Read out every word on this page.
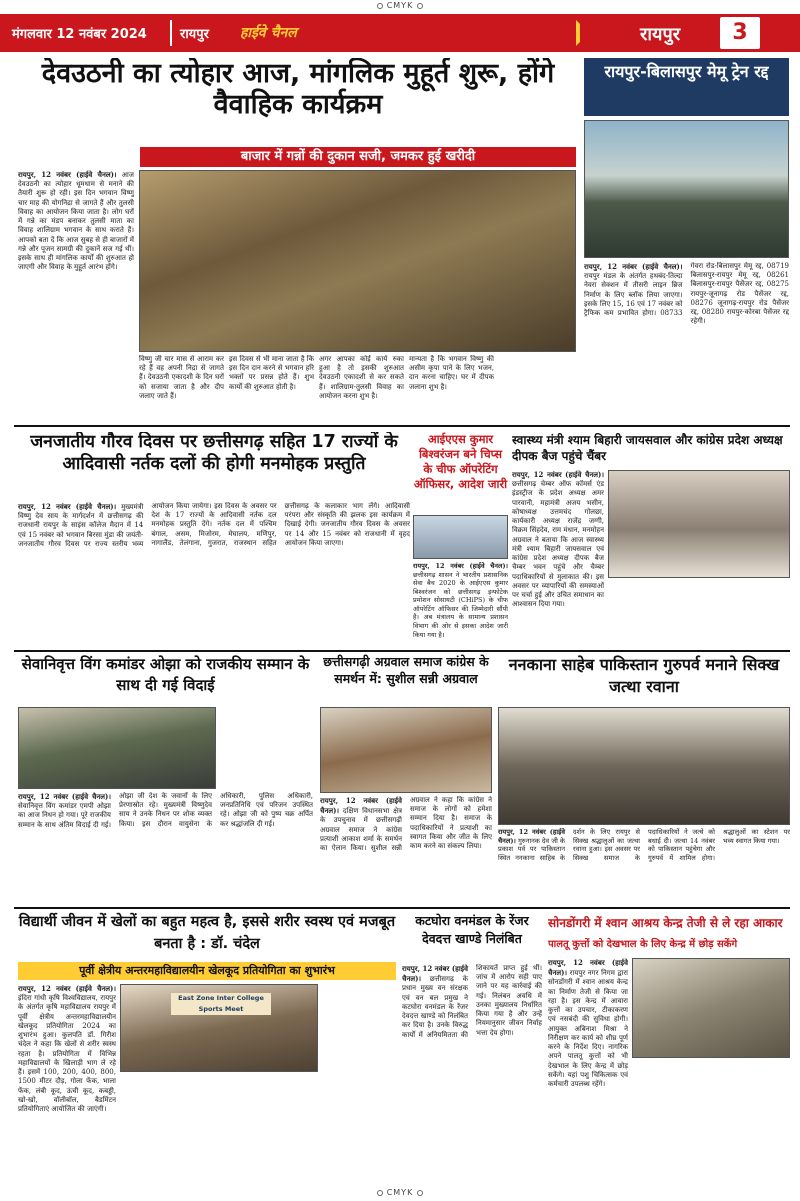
CMYK
मंगलवार 12 नवंबर 2024	रायपुर हाईवे चैनल	रायपुर	3
देवउठनी का त्योहार आज, मांगलिक मुहूर्त शुरू, होंगे वैवाहिक कार्यक्रम
बाजार में गन्नों की दुकान सजी, जमकर हुई खरीदी
रायपुर, 12 नवंबर (हाईवे चैनल)। आज देवउठनी का त्योहार धूमधाम से मनाने की तैयारी शुरू हो रही। इस दिन भगवान विष्णु चार माह की योगनिद्रा से जागते हैं और तुलसी विवाह का आयोजन किया जाता है। लोग घरों में गन्ने का मंडप बनाकर तुलसी माता का विवाह शालिग्राम भगवान के साथ कराते हैं। आपको बता दें कि आज सुबह से ही बाजारों में गन्ने और पूजन सामग्री की दुकानें सज गई थीं। इसके साथ ही मांगलिक कार्यों की शुरुआत हो जाएगी और विवाह के मुहूर्त आरंभ होंगे।
विष्णु जी चार मास से आराम कर रहे हैं वह अपनी निद्रा से जागते हैं। देवउठनी एकादशी के दिन घरों को सजाया जाता है और दीप जलाए जाते हैं।
इस दिवस से भी माना जाता है कि इस दिन दान करने से भगवान हरि भक्तों पर प्रसन्न होते हैं। शुभ कार्यों की शुरुआत होती है।
अगर आपका कोई कार्य रुका हुआ है तो इसकी शुरुआत देवउठनी एकादशी से कर सकते हैं। शालिग्राम-तुलसी विवाह का आयोजन करना शुभ है।
मान्यता है कि भगवान विष्णु की असीम कृपा पाने के लिए भजन, दान करना चाहिए। घर में दीपक जलाना शुभ है।
रायपुर-बिलासपुर मेमू ट्रेन रद्द
रायपुर, 12 नवंबर (हाईवे चैनल)। रायपुर मंडल के अंतर्गत हथबंद-तिल्दा नेवरा सेक्शन में तीसरी लाइन ब्रिज निर्माण के लिए ब्लॉक लिया जाएगा। इसके लिए 15, 16 एवं 17 नवंबर को ट्रैफिक कम प्रभावित होगा। 08733 गेवरा रोड-बिलासपुर मेमू रद्द, 08719 बिलासपुर-रायपुर मेमू रद्द, 08261 बिलासपुर-रायपुर पैसेंजर रद्द, 08275 रायपुर-जूनागढ़ रोड पैसेंजर रद्द, 08276 जूनागढ़-रायपुर रोड पैसेंजर रद्द, 08280 रायपुर-कोरबा पैसेंजर रद्द रहेगी।
जनजातीय गौरव दिवस पर छत्तीसगढ़ सहित 17 राज्यों के आदिवासी नर्तक दलों की होगी मनमोहक प्रस्तुति
रायपुर, 12 नवंबर (हाईवे चैनल)। मुख्यमंत्री विष्णु देव साय के मार्गदर्शन में छत्तीसगढ़ की राजधानी रायपुर के साइंस कॉलेज मैदान में 14 एवं 15 नवंबर को भगवान बिरसा मुंडा की जयंती-जनजातीय गौरव दिवस पर राज्य स्तरीय भव्य आयोजन किया जायेगा। इस दिवस के अवसर पर देश के 17 राज्यों के आदिवासी नर्तक दल मनमोहक प्रस्तुति देंगे। नर्तक दल में पश्चिम बंगाल, असम, मिजोरम, मेघालय, मणिपुर, नागालैंड, तेलंगाना, गुजरात, राजस्थान सहित छत्तीसगढ़ के कलाकार भाग लेंगे। आदिवासी परंपरा और संस्कृति की झलक इस कार्यक्रम में दिखाई देगी। जनजातीय गौरव दिवस के अवसर पर 14 और 15 नवंबर को राजधानी में वृहद आयोजन किया जाएगा।
आईएएस कुमार बिश्वरंजन बने चिप्स के चीफ ऑपरेटिंग ऑफिसर, आदेश जारी
रायपुर, 12 नवंबर (हाईवे चैनल)। छत्तीसगढ़ शासन ने भारतीय प्रशासनिक सेवा बैच 2020 के आईएएस कुमार बिश्वरंजन को छत्तीसगढ़ इन्फोटेक प्रमोशन सोसायटी (CHiPS) के चीफ ऑपरेटिंग ऑफिसर की जिम्मेदारी सौंपी है। अब मंत्रालय के सामान्य प्रशासन विभाग की ओर से इसका आदेश जारी किया गया है।
स्वास्थ्य मंत्री श्याम बिहारी जायसवाल और कांग्रेस प्रदेश अध्यक्ष दीपक बैज पहुंचे चैंबर
रायपुर, 12 नवंबर (हाईवे चैनल)। छत्तीसगढ़ चेम्बर ऑफ कॉमर्स एंड इंडस्ट्रीज के प्रदेश अध्यक्ष अमर पारवानी, महामंत्री अजय भसीन, कोषाध्यक्ष उत्तमचंद गोलछा, कार्यकारी अध्यक्ष राजेंद्र जग्गी, विक्रम सिंहदेव, राम मंधान, मनमोहन अग्रवाल ने बताया कि आज स्वास्थ्य मंत्री श्याम बिहारी जायसवाल एवं कांग्रेस प्रदेश अध्यक्ष दीपक बैज चैम्बर भवन पहुंचे और चैम्बर पदाधिकारियों से मुलाकात की। इस अवसर पर व्यापारियों की समस्याओं पर चर्चा हुई और उचित समाधान का आश्वासन दिया गया।
सेवानिवृत्त विंग कमांडर ओझा को राजकीय सम्मान के साथ दी गई विदाई
रायपुर, 12 नवंबर (हाईवे चैनल)। सेवानिवृत्त विंग कमांडर एमपी ओझा का आज निधन हो गया। पूरे राजकीय सम्मान के साथ अंतिम विदाई दी गई। ओझा जी देश के जवानों के लिए प्रेरणास्रोत रहे। मुख्यमंत्री विष्णुदेव साय ने उनके निधन पर शोक व्यक्त किया। इस दौरान वायुसेना के अधिकारी, पुलिस अधिकारी, जनप्रतिनिधि एवं परिजन उपस्थित रहे। ओझा जी को पुष्प चक्र अर्पित कर श्रद्धांजलि दी गई।
छत्तीसगढ़ी अग्रवाल समाज कांग्रेस के समर्थन में: सुशील सन्नी अग्रवाल
रायपुर, 12 नवंबर (हाईवे चैनल)। दक्षिण विधानसभा क्षेत्र के उपचुनाव में छत्तीसगढ़ी अग्रवाल समाज ने कांग्रेस प्रत्याशी आकाश शर्मा के समर्थन का ऐलान किया। सुशील सन्नी अग्रवाल ने कहा कि कांग्रेस ने समाज के लोगों को हमेशा सम्मान दिया है। समाज के पदाधिकारियों ने प्रत्याशी का स्वागत किया और जीत के लिए काम करने का संकल्प लिया।
ननकाना साहेब पाकिस्तान गुरुपर्व मनाने सिक्ख जत्था रवाना
रायपुर, 12 नवंबर (हाईवे चैनल)। गुरुनानक देव जी के प्रकाश पर्व पर पाकिस्तान स्थित ननकाना साहिब के दर्शन के लिए रायपुर से सिक्ख श्रद्धालुओं का जत्था रवाना हुआ। इस अवसर पर सिक्ख समाज के पदाधिकारियों ने जत्थे को बधाई दी। जत्था 14 नवंबर को पाकिस्तान पहुंचेगा और गुरुपर्व में शामिल होगा। श्रद्धालुओं का स्टेशन पर भव्य स्वागत किया गया।
विद्यार्थी जीवन में खेलों का बहुत महत्व है, इससे शरीर स्वस्थ एवं मजबूत बनता है : डॉ. चंदेल
पूर्वी क्षेत्रीय अन्तरमहाविद्यालयीन खेलकूद प्रतियोगिता का शुभारंभ
रायपुर, 12 नवंबर (हाईवे चैनल)। इंदिरा गांधी कृषि विश्वविद्यालय, रायपुर के अंतर्गत कृषि महाविद्यालय रायपुर में पूर्वी क्षेत्रीय अन्तरमहाविद्यालयीन खेलकूद प्रतियोगिता 2024 का शुभारंभ हुआ। कुलपति डॉ. गिरीश चंदेल ने कहा कि खेलों से शरीर स्वस्थ रहता है। प्रतियोगिता में विभिन्न महाविद्यालयों के खिलाड़ी भाग ले रहे हैं। इसमें 100, 200, 400, 800, 1500 मीटर दौड़, गोला फेंक, भाला फेंक, लंबी कूद, ऊंची कूद, कबड्डी, खो-खो, वॉलीबॉल, बैडमिंटन प्रतियोगिताएं आयोजित की जाएंगी।
East Zone Inter College Sports Meet
कटघोरा वनमंडल के रेंजर देवदत्त खाण्डे निलंबित
रायपुर, 12 नवंबर (हाईवे चैनल)। छत्तीसगढ़ के प्रधान मुख्य वन संरक्षक एवं वन बल प्रमुख ने कटघोरा वनमंडल के रेंजर देवदत्त खाण्डे को निलंबित कर दिया है। उनके विरुद्ध कार्यों में अनियमितता की शिकायतें प्राप्त हुई थीं। जांच में आरोप सही पाए जाने पर यह कार्रवाई की गई। निलंबन अवधि में उनका मुख्यालय निर्धारित किया गया है और उन्हें नियमानुसार जीवन निर्वाह भत्ता देय होगा।
सोनडोंगरी में श्वान आश्रय केन्द्र तेजी से ले रहा आकार
पालतू कुत्तों को देखभाल के लिए केन्द्र में छोड़ सकेंगे
रायपुर, 12 नवंबर (हाईवे चैनल)। रायपुर नगर निगम द्वारा सोनडोंगरी में श्वान आश्रय केन्द्र का निर्माण तेजी से किया जा रहा है। इस केन्द्र में आवारा कुत्तों का उपचार, टीकाकरण एवं नसबंदी की सुविधा होगी। आयुक्त अबिनाश मिश्रा ने निरीक्षण कर कार्य को शीघ्र पूर्ण करने के निर्देश दिए। नागरिक अपने पालतू कुत्तों को भी देखभाल के लिए केन्द्र में छोड़ सकेंगे। यहां पशु चिकित्सक एवं कर्मचारी उपलब्ध रहेंगे।
CMYK
